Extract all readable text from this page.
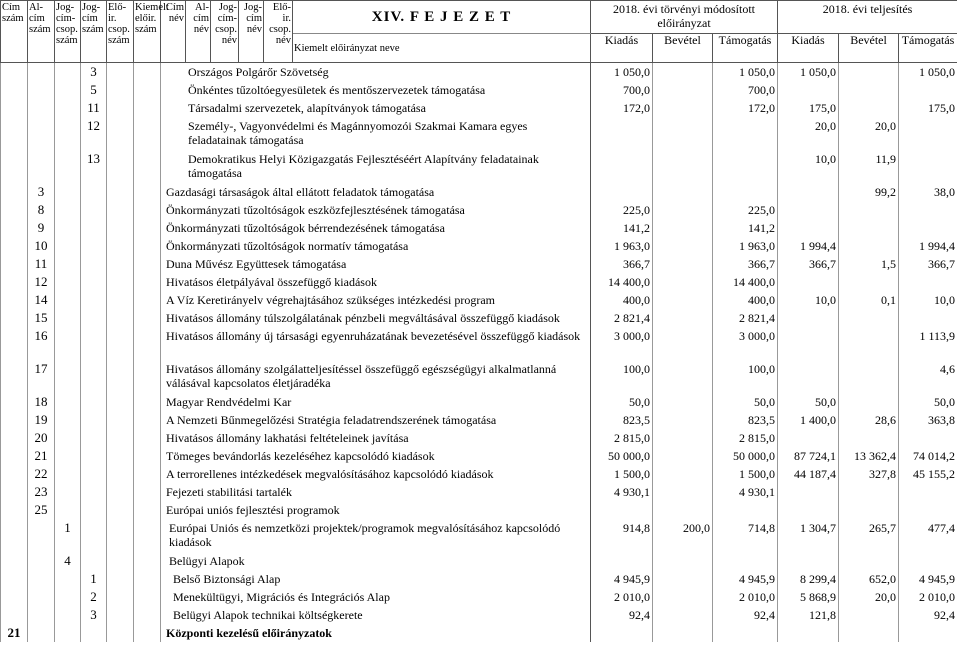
Cím szám	Al-cím szám	Jog-cím-csop. szám	Jog-cím szám	Elő-ir. csop. szám	Kiemelt előir. szám	Cím név	Al-cím név	Jog-cím-csop. név	Jog-cím név	Elő-ir. csop. név	XIV. F E J E Z E T	2018. évi törvényi módosított előirányzat			2018. évi teljesítés		
											Kiemelt előirányzat neve	Kiadás	Bevétel	Támogatás	Kiadás	Bevétel	Támogatás
			3			Országos Polgárőr Szövetség						1 050,0		1 050,0	1 050,0		1 050,0
			5			Önkéntes tűzoltóegyesületek és mentőszervezetek támogatása						700,0		700,0			
			11			Társadalmi szervezetek, alapítványok támogatása						172,0		172,0	175,0		175,0
			12			Személy-, Vagyonvédelmi és Magánnyomozói Szakmai Kamara egyes feladatainak támogatása									20,0	20,0	
			13			Demokratikus Helyi Közigazgatás Fejlesztéséért Alapítvány feladatainak támogatása									10,0	11,9	
	3					Gazdasági társaságok által ellátott feladatok támogatása										99,2	38,0
	8					Önkormányzati tűzoltóságok eszközfejlesztésének támogatása						225,0		225,0			
	9					Önkormányzati tűzoltóságok bérrendezésének támogatása						141,2		141,2			
	10					Önkormányzati tűzoltóságok normatív támogatása						1 963,0		1 963,0	1 994,4		1 994,4
	11					Duna Művész Együttesek támogatása						366,7		366,7	366,7	1,5	366,7
	12					Hivatásos életpályával összefüggő kiadások						14 400,0		14 400,0			
	14					A Víz Keretirányelv végrehajtásához szükséges intézkedési program						400,0		400,0	10,0	0,1	10,0
	15					Hivatásos állomány túlszolgálatának pénzbeli megváltásával összefüggő kiadások						2 821,4		2 821,4			
	16					Hivatásos állomány új társasági egyenruházatának bevezetésével összefüggő kiadások						3 000,0		3 000,0			1 113,9
	17					Hivatásos állomány szolgálatteljesítéssel összefüggő egészségügyi alkalmatlanná válásával kapcsolatos életjáradéka						100,0		100,0			4,6
	18					Magyar Rendvédelmi Kar						50,0		50,0	50,0		50,0
	19					A Nemzeti Bűnmegelőzési Stratégia feladatrendszerének támogatása						823,5		823,5	1 400,0	28,6	363,8
	20					Hivatásos állomány lakhatási feltételeinek javítása						2 815,0		2 815,0			
	21					Tömeges bevándorlás kezeléséhez kapcsolódó kiadások						50 000,0		50 000,0	87 724,1	13 362,4	74 014,2
	22					A terrorellenes intézkedések megvalósításához kapcsolódó kiadások						1 500,0		1 500,0	44 187,4	327,8	45 155,2
	23					Fejezeti stabilitási tartalék						4 930,1		4 930,1			
	25					Európai uniós fejlesztési programok											
		1				Európai Uniós és nemzetközi projektek/programok megvalósításához kapcsolódó kiadások						914,8	200,0	714,8	1 304,7	265,7	477,4
		4				Belügyi Alapok											
			1			Belső Biztonsági Alap						4 945,9		4 945,9	8 299,4	652,0	4 945,9
			2			Menekültügyi, Migrációs és Integrációs Alap						2 010,0		2 010,0	5 868,9	20,0	2 010,0
			3			Belügyi Alapok technikai költségkerete						92,4		92,4	121,8		92,4
21						Központi kezelésű előirányzatok											
